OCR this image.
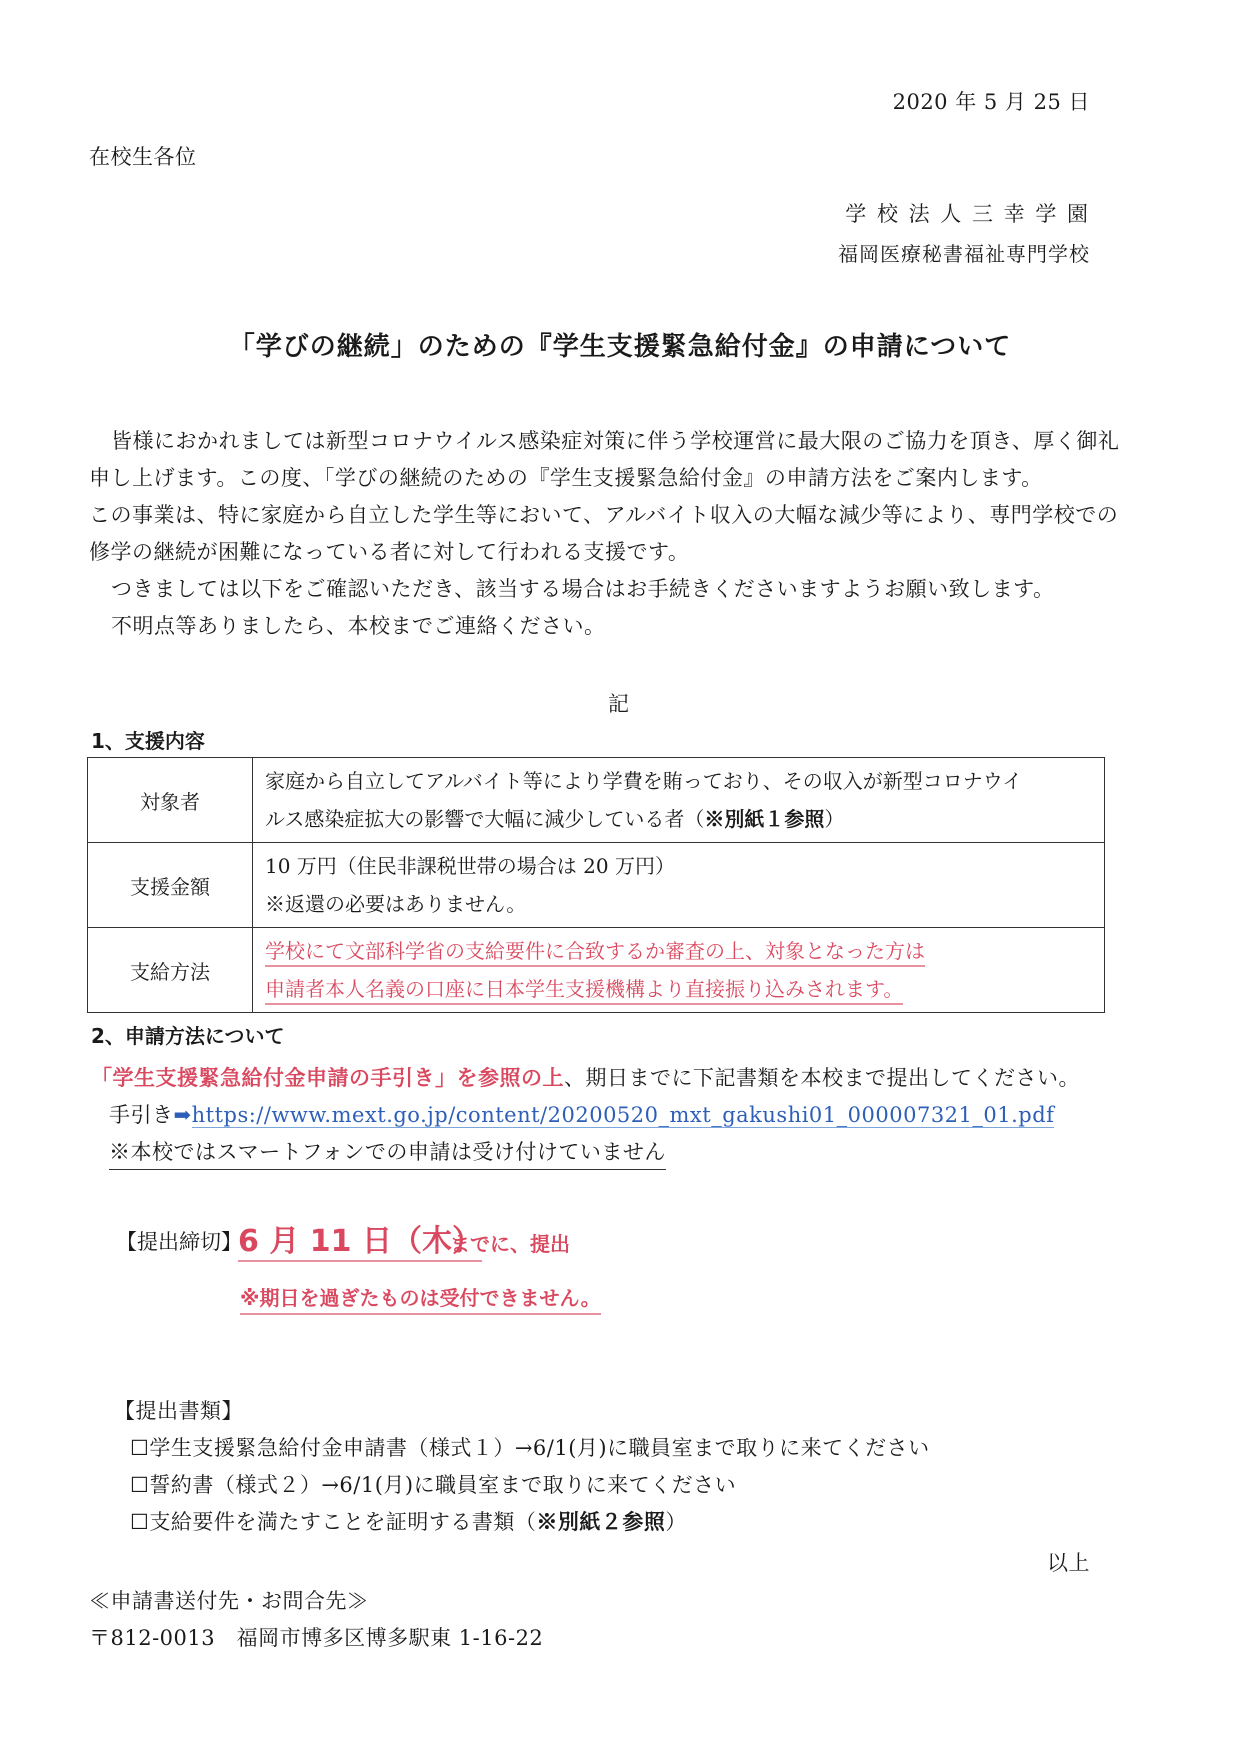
2020 年 5 月 25 日
在校生各位
学 校 法 人 三 幸 学 園
福岡医療秘書福祉専門学校
「学びの継続」のための『学生支援緊急給付金』の申請について
皆様におかれましては新型コロナウイルス感染症対策に伴う学校運営に最大限のご協力を頂き、厚く御礼
申し上げます。この度、「学びの継続のための『学生支援緊急給付金』の申請方法をご案内します。
この事業は、特に家庭から自立した学生等において、アルバイト収入の大幅な減少等により、専門学校での
修学の継続が困難になっている者に対して行われる支援です。
つきましては以下をご確認いただき、該当する場合はお手続きくださいますようお願い致します。
不明点等ありましたら、本校までご連絡ください。
記
1、支援内容
対象者	家庭から自立してアルバイト等により学費を賄っており、その収入が新型コロナウイ
ルス感染症拡大の影響で大幅に減少している者（※別紙１参照）

支援金額	10 万円（住民非課税世帯の場合は 20 万円）
※返還の必要はありません。

支給方法	学校にて文部科学省の支給要件に合致するか審査の上、対象となった方は
申請者本人名義の口座に日本学生支援機構より直接振り込みされます。
2、申請方法について
「学生支援緊急給付金申請の手引き」を参照の上、期日までに下記書類を本校まで提出してください。
手引き➡https://www.mext.go.jp/content/20200520_mxt_gakushi01_000007321_01.pdf
※本校ではスマートフォンでの申請は受け付けていません
【提出締切】
6 月 11 日（木）
までに、提出
※期日を過ぎたものは受付できません。
【提出書類】
☐学生支援緊急給付金申請書（様式１）→6/1(月)に職員室まで取りに来てください
☐誓約書（様式２）→6/1(月)に職員室まで取りに来てください
☐支給要件を満たすことを証明する書類（※別紙２参照）
以上
≪申請書送付先・お問合先≫
〒812-0013　福岡市博多区博多駅東 1-16-22
